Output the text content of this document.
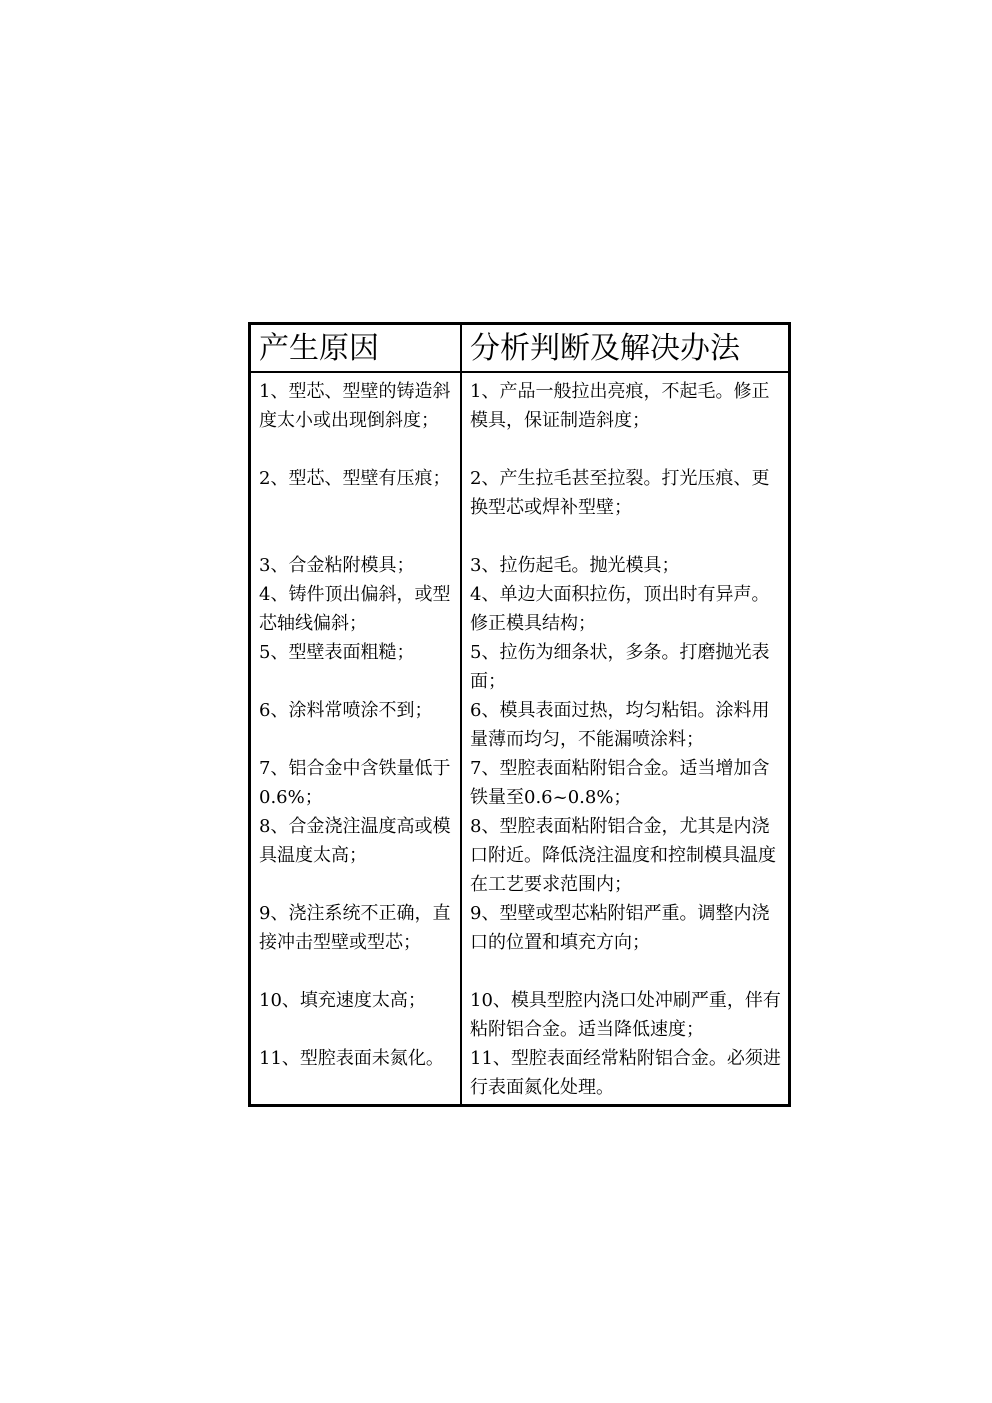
产生原因	分析判断及解决办法

1、型芯、型壁的铸造斜度太小或出现倒斜度；	1、产品一般拉出亮痕，不起毛。修正模具，保证制造斜度；

2、型芯、型壁有压痕；	2、产生拉毛甚至拉裂。打光压痕、更换型芯或焊补型壁；

3、合金粘附模具；	3、拉伤起毛。抛光模具；

4、铸件顶出偏斜，或型芯轴线偏斜；	4、单边大面积拉伤，顶出时有异声。修正模具结构；

5、型壁表面粗糙；	5、拉伤为细条状，多条。打磨抛光表面；

6、涂料常喷涂不到；	6、模具表面过热，均匀粘铝。涂料用量薄而均匀，不能漏喷涂料；

7、铝合金中含铁量低于0.6%；	7、型腔表面粘附铝合金。适当增加含铁量至0.6~0.8%；

8、合金浇注温度高或模具温度太高；	8、型腔表面粘附铝合金，尤其是内浇口附近。降低浇注温度和控制模具温度在工艺要求范围内；

9、浇注系统不正确，直接冲击型壁或型芯；	9、型壁或型芯粘附铝严重。调整内浇口的位置和填充方向；

10、填充速度太高；	10、模具型腔内浇口处冲刷严重，伴有粘附铝合金。适当降低速度；

11、型腔表面未氮化。	11、型腔表面经常粘附铝合金。必须进行表面氮化处理。
